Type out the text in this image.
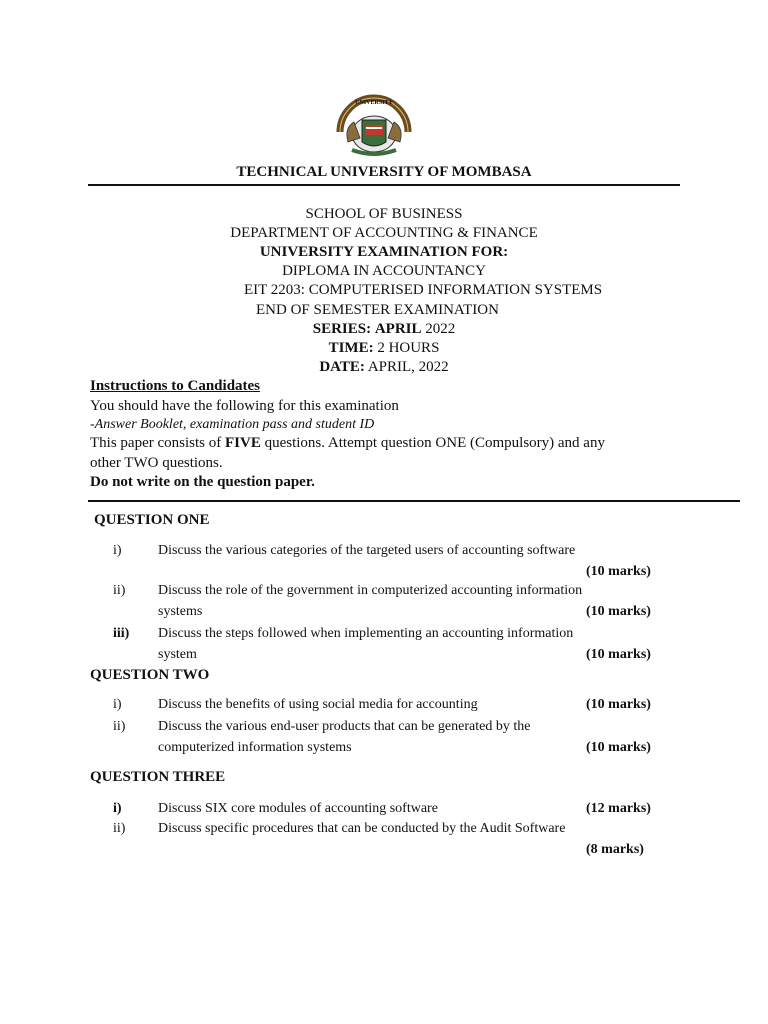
UNIVERSITY
TECHNICAL UNIVERSITY OF MOMBASA
SCHOOL OF BUSINESS
DEPARTMENT OF ACCOUNTING & FINANCE
UNIVERSITY EXAMINATION FOR:
DIPLOMA IN ACCOUNTANCY
EIT 2203: COMPUTERISED INFORMATION SYSTEMS
END OF SEMESTER EXAMINATION
SERIES: APRIL 2022
TIME: 2 HOURS
DATE: APRIL, 2022
Instructions to Candidates
You should have the following for this examination
-Answer Booklet, examination pass and student ID
This paper consists of FIVE questions. Attempt question ONE (Compulsory) and any
other TWO questions.
Do not write on the question paper.
QUESTION ONE
i)	Discuss the various categories of the targeted users of accounting software
(10 marks)
ii) Discuss the role of the government in computerized accounting information
systems	(10 marks)
iii) Discuss the steps followed when implementing an accounting information
system	(10 marks)
QUESTION TWO
i)	Discuss the benefits of using social media for accounting	(10 marks)
ii) Discuss the various end-user products that can be generated by the
computerized information systems	(10 marks)
QUESTION THREE
i)	Discuss SIX core modules of accounting software	(12 marks)
ii) Discuss specific procedures that can be conducted by the Audit Software
(8 marks)
